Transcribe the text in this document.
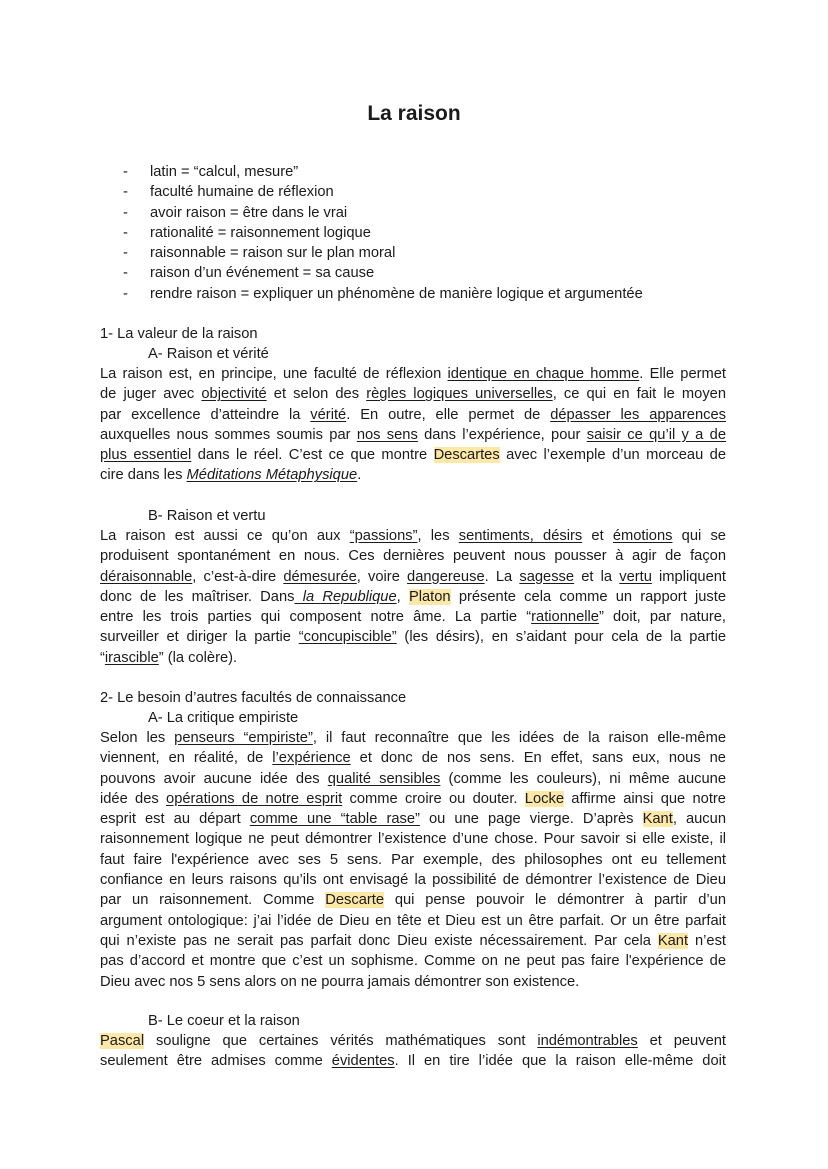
La raison
- latin = “calcul, mesure”
- faculté humaine de réflexion
- avoir raison = être dans le vrai
- rationalité = raisonnement logique
- raisonnable = raison sur le plan moral
- raison d’un événement = sa cause
- rendre raison = expliquer un phénomène de manière logique et argumentée
1- La valeur de la raison
A- Raison et vérité
La raison est, en principe, une faculté de réflexion identique en chaque homme. Elle permet
de juger avec objectivité et selon des règles logiques universelles, ce qui en fait le moyen
par excellence d’atteindre la vérité. En outre, elle permet de dépasser les apparences
auxquelles nous sommes soumis par nos sens dans l’expérience, pour saisir ce qu’il y a de
plus essentiel dans le réel. C’est ce que montre Descartes avec l’exemple d’un morceau de
cire dans les Méditations Métaphysique.
B- Raison et vertu
La raison est aussi ce qu’on aux “passions”, les sentiments, désirs et émotions qui se
produisent spontanément en nous. Ces dernières peuvent nous pousser à agir de façon
déraisonnable, c’est-à-dire démesurée, voire dangereuse. La sagesse et la vertu impliquent
donc de les maîtriser. Dans la Republique, Platon présente cela comme un rapport juste
entre les trois parties qui composent notre âme. La partie “rationnelle” doit, par nature,
surveiller et diriger la partie “concupiscible” (les désirs), en s’aidant pour cela de la partie
“irascible” (la colère).
2- Le besoin d’autres facultés de connaissance
A- La critique empiriste
Selon les penseurs “empiriste”, il faut reconnaître que les idées de la raison elle-même
viennent, en réalité, de l’expérience et donc de nos sens. En effet, sans eux, nous ne
pouvons avoir aucune idée des qualité sensibles (comme les couleurs), ni même aucune
idée des opérations de notre esprit comme croire ou douter. Locke affirme ainsi que notre
esprit est au départ comme une “table rase” ou une page vierge. D’après Kant, aucun
raisonnement logique ne peut démontrer l’existence d’une chose. Pour savoir si elle existe, il
faut faire l'expérience avec ses 5 sens. Par exemple, des philosophes ont eu tellement
confiance en leurs raisons qu’ils ont envisagé la possibilité de démontrer l’existence de Dieu
par un raisonnement. Comme Descarte qui pense pouvoir le démontrer à partir d’un
argument ontologique: j’ai l’idée de Dieu en tête et Dieu est un être parfait. Or un être parfait
qui n’existe pas ne serait pas parfait donc Dieu existe nécessairement. Par cela Kant n’est
pas d’accord et montre que c’est un sophisme. Comme on ne peut pas faire l'expérience de
Dieu avec nos 5 sens alors on ne pourra jamais démontrer son existence.
B- Le coeur et la raison
Pascal souligne que certaines vérités mathématiques sont indémontrables et peuvent
seulement être admises comme évidentes. Il en tire l’idée que la raison elle-même doit
